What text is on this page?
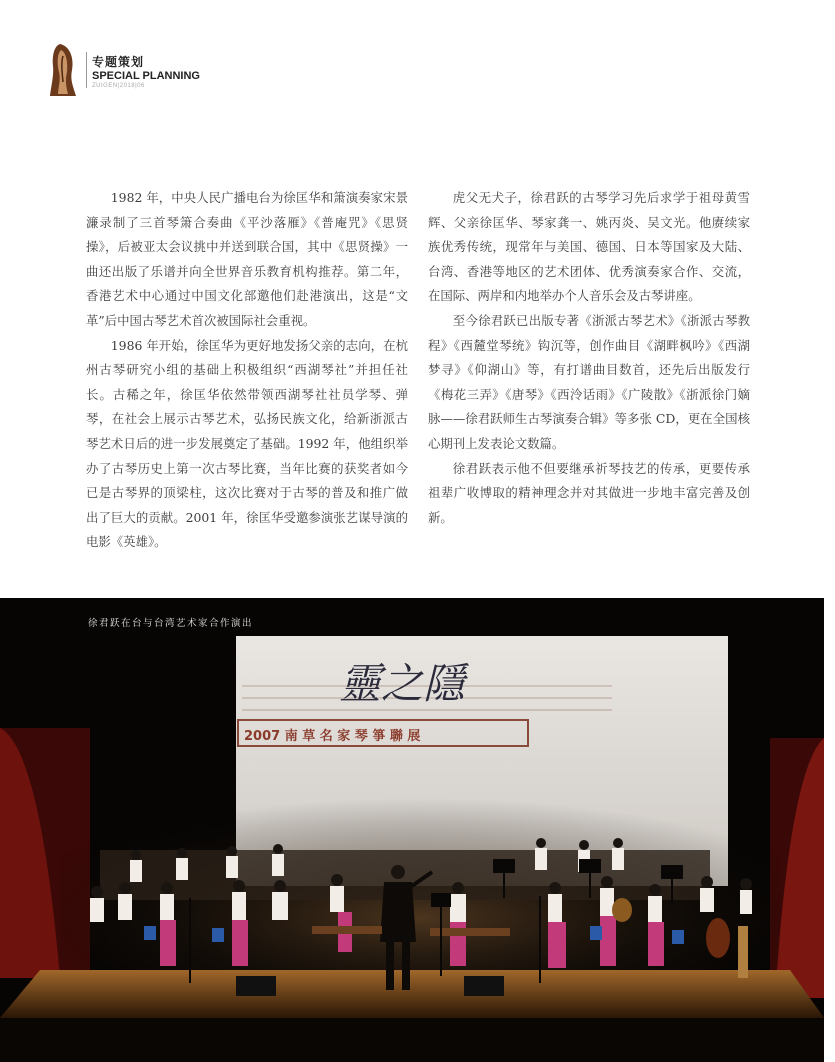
专题策划
SPECIAL PLANNING
ZUIGEN|2018|06

1982 年，中央人民广播电台为徐匡华和箫演奏家宋景濂录制了三首琴箫合奏曲《平沙落雁》《普庵咒》《思贤操》，后被亚太会议挑中并送到联合国，其中《思贤操》一曲还出版了乐谱并向全世界音乐教育机构推荐。第二年，香港艺术中心通过中国文化部邀他们赴港演出，这是“文革”后中国古琴艺术首次被国际社会重视。

1986 年开始，徐匡华为更好地发扬父亲的志向，在杭州古琴研究小组的基础上积极组织“西湖琴社”并担任社长。古稀之年，徐匡华依然带领西湖琴社社员学琴、弹琴，在社会上展示古琴艺术，弘扬民族文化，给新浙派古琴艺术日后的进一步发展奠定了基础。1992 年，他组织举办了古琴历史上第一次古琴比赛，当年比赛的获奖者如今已是古琴界的顶梁柱，这次比赛对于古琴的普及和推广做出了巨大的贡献。2001 年，徐匡华受邀参演张艺谋导演的电影《英雄》。

虎父无犬子，徐君跃的古琴学习先后求学于祖母黄雪辉、父亲徐匡华、琴家龚一、姚丙炎、吴文光。他赓续家族优秀传统，现常年与美国、德国、日本等国家及大陆、台湾、香港等地区的艺术团体、优秀演奏家合作、交流，在国际、两岸和内地举办个人音乐会及古琴讲座。

至今徐君跃已出版专著《浙派古琴艺术》《浙派古琴教程》《西麓堂琴统》钩沉等，创作曲目《湖畔枫吟》《西湖梦寻》《仰湖山》等，有打谱曲目数首，还先后出版发行《梅花三弄》《唐琴》《西泠话雨》《广陵散》《浙派徐门嫡脉——徐君跃师生古琴演奏合辑》等多张 CD，更在全国核心期刊上发表论文数篇。

徐君跃表示他不但要继承祈琴技艺的传承，更要传承祖辈广收博取的精神理念并对其做进一步地丰富完善及创新。

靈之隱
2007 南 草 名 家 琴 箏 聯 展
徐君跃在台与台湾艺术家合作演出
